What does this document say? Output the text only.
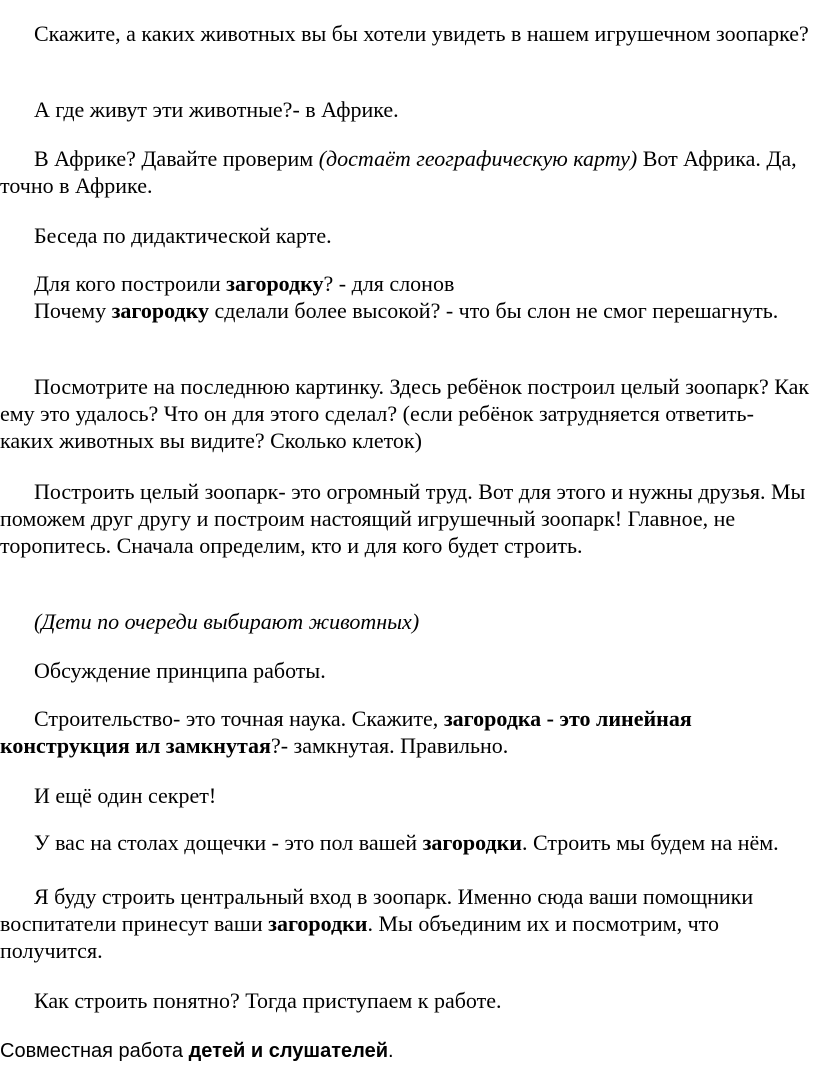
Скажите, а каких животных вы бы хотели увидеть в нашем игрушечном зоопарке?

А где живут эти животные?- в Африке.

В Африке? Давайте проверим (достаёт географическую карту) Вот Африка. Да, точно в Африке.

Беседа по дидактической карте.

Для кого построили загородку? - для слонов

Почему загородку сделали более высокой? - что бы слон не смог перешагнуть.

Посмотрите на последнюю картинку. Здесь ребёнок построил целый зоопарк? Как ему это удалось? Что он для этого сделал? (если ребёнок затрудняется ответить- каких животных вы видите? Сколько клеток)

Построить целый зоопарк- это огромный труд. Вот для этого и нужны друзья. Мы поможем друг другу и построим настоящий игрушечный зоопарк! Главное, не торопитесь. Сначала определим, кто и для кого будет строить.

(Дети по очереди выбирают животных)

Обсуждение принципа работы.

Строительство- это точная наука. Скажите, загородка - это линейная конструкция ил замкнутая?- замкнутая. Правильно.

И ещё один секрет!

У вас на столах дощечки - это пол вашей загородки. Строить мы будем на нём.

Я буду строить центральный вход в зоопарк. Именно сюда ваши помощники воспитатели принесут ваши загородки. Мы объединим их и посмотрим, что получится.

Как строить понятно? Тогда приступаем к работе.

Совместная работа детей и слушателей.
